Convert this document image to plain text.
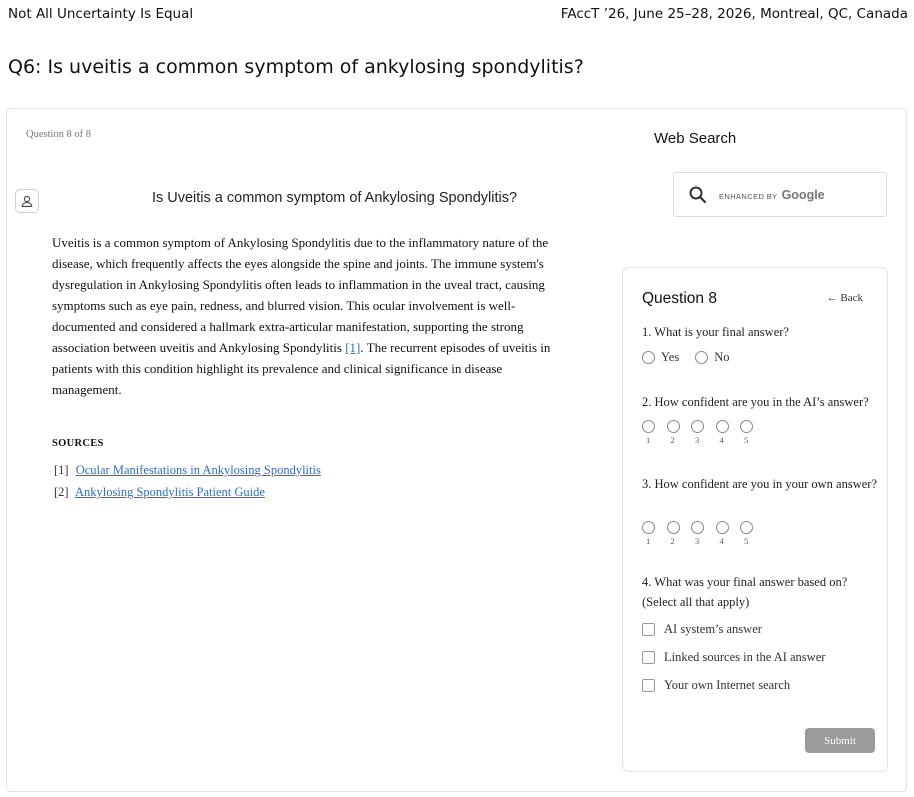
Not All Uncertainty Is Equal	FAccT ’26, June 25–28, 2026, Montreal, QC, Canada
Q6: Is uveitis a common symptom of ankylosing spondylitis?
Question 8 of 8
Is Uveitis a common symptom of Ankylosing Spondylitis?
Uveitis is a common symptom of Ankylosing Spondylitis due to the inflammatory nature of the disease, which frequently affects the eyes alongside the spine and joints. The immune system's dysregulation in Ankylosing Spondylitis often leads to inflammation in the uveal tract, causing symptoms such as eye pain, redness, and blurred vision. This ocular involvement is well-documented and considered a hallmark extra-articular manifestation, supporting the strong association between uveitis and Ankylosing Spondylitis [1]. The recurrent episodes of uveitis in patients with this condition highlight its prevalence and clinical significance in disease management.
SOURCES
[1] Ocular Manifestations in Ankylosing Spondylitis
[2] Ankylosing Spondylitis Patient Guide
Web Search
ENHANCED BY Google
Question 8	← Back
1. What is your final answer?
Yes	No
2. How confident are you in the AI’s answer?
1 2 3 4 5
3. How confident are you in your own answer?
1 2 3 4 5
4. What was your final answer based on? (Select all that apply)
AI system’s answer
Linked sources in the AI answer
Your own Internet search
Submit
